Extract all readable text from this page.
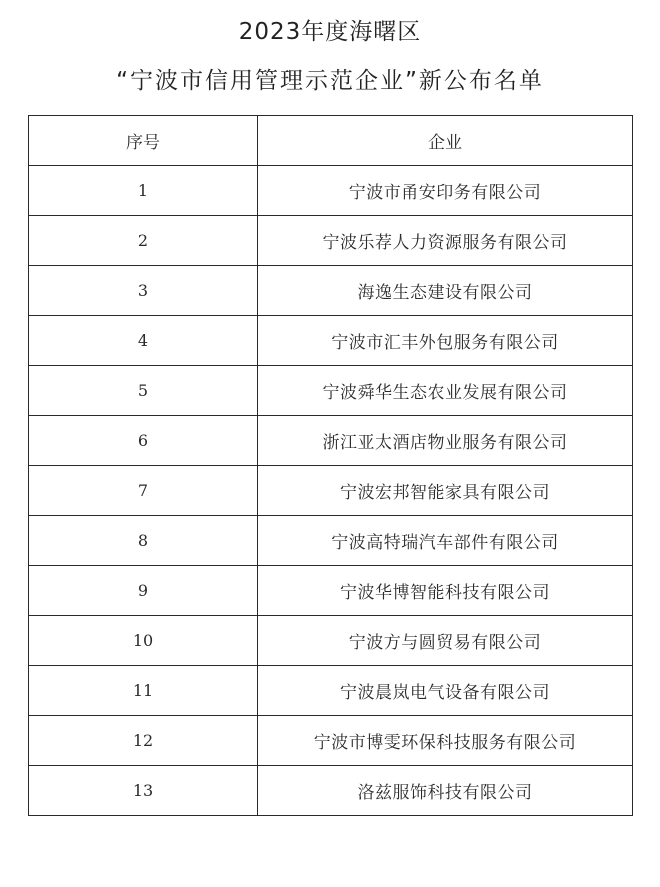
2023年度海曙区
“宁波市信用管理示范企业”新公布名单
序号	企业
1	宁波市甬安印务有限公司
2	宁波乐荐人力资源服务有限公司
3	海逸生态建设有限公司
4	宁波市汇丰外包服务有限公司
5	宁波舜华生态农业发展有限公司
6	浙江亚太酒店物业服务有限公司
7	宁波宏邦智能家具有限公司
8	宁波高特瑞汽车部件有限公司
9	宁波华博智能科技有限公司
10	宁波方与圆贸易有限公司
11	宁波晨岚电气设备有限公司
12	宁波市博雯环保科技服务有限公司
13	洛兹服饰科技有限公司
